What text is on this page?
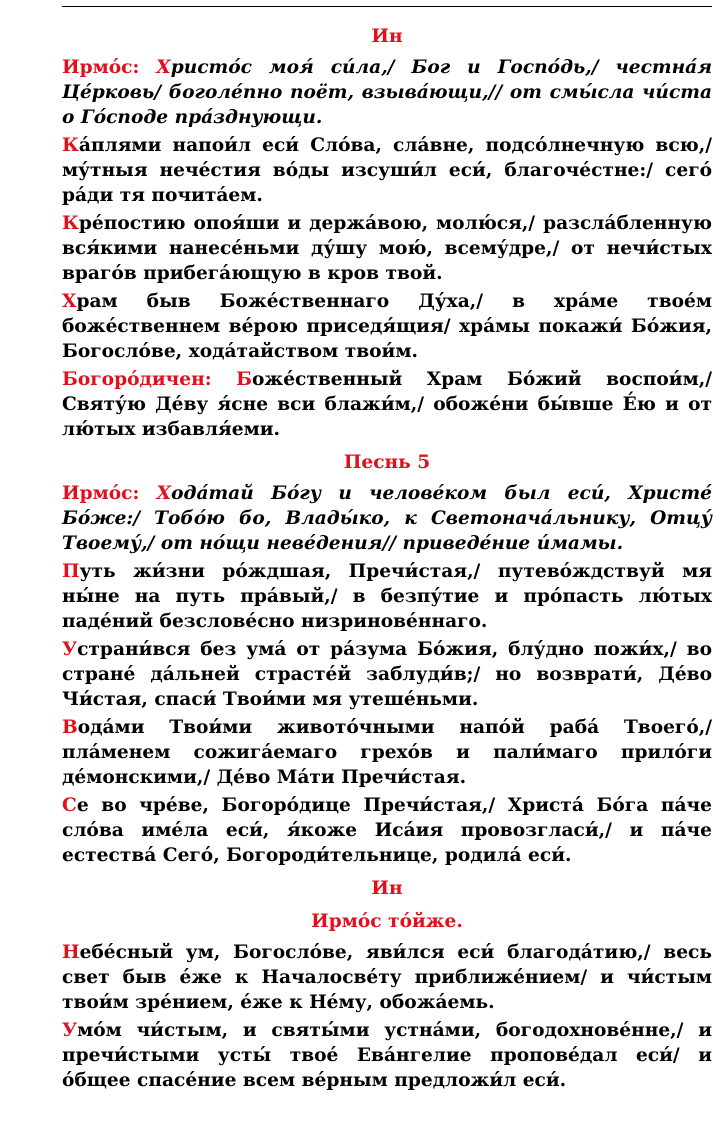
Ин

Ирмо́с: Христо́с моя́ си́ла,/ Бог и Госпо́дь,/ честна́я Це́рковь/ боголе́пно поёт, взыва́ющи,// от смы́сла чи́ста о Го́споде пра́зднующи.

Ка́плями напои́л еси́ Сло́ва, сла́вне, подсо́лнечную всю,/ му́тныя нече́стия во́ды изсуши́л еси́, благоче́стне:/ сего́ ра́ди тя почита́ем.

Кре́постию опоя́ши и держа́вою, молю́ся,/ разсла́бленную вся́кими нанесе́ньми ду́шу мою́, всему́дре,/ от нечи́стых враго́в прибега́ющую в кров твой.

Храм быв Боже́ственнаго Ду́ха,/ в хра́ме твое́м боже́ственнем ве́рою приседя́щия/ хра́мы покажи́ Бо́жия, Богосло́ве, хода́тайством твои́м.

Богоро́дичен: Боже́ственный Храм Бо́жий воспои́м,/ Святу́ю Де́ву я́сне вси блажи́м,/ обоже́ни бы́вше Е́ю и от лю́тых избавля́еми.

Песнь 5

Ирмо́с: Хода́тай Бо́гу и челове́ком был еси́, Христе́ Бо́же:/ Тобо́ю бо, Влады́ко, к Светонача́льнику, Отцу́ Твоему́,/ от но́щи неве́дения// приведе́ние и́мамы.

Путь жи́зни ро́ждшая, Пречи́стая,/ путево́ждствуй мя ны́не на путь пра́вый,/ в безпу́тие и про́пасть лю́тых паде́ний безслове́сно низринове́ннаго.

Устрани́вся без ума́ от ра́зума Бо́жия, блу́дно пожи́х,/ во стране́ да́льней страсте́й заблуди́в;/ но возврати́, Де́во Чи́стая, спаси́ Твои́ми мя утеше́ньми.

Вода́ми Твои́ми живото́чными напо́й раба́ Твоего́,/ пла́менем сожига́емаго грехо́в и пали́маго прило́ги де́монскими,/ Де́во Ма́ти Пречи́стая.

Се во чре́ве, Богоро́дице Пречи́стая,/ Христа́ Бо́га па́че сло́ва име́ла еси́, я́коже Иса́ия провозгласи́,/ и па́че естества́ Сего́, Богороди́тельнице, родила́ еси́.

Ин
Ирмо́с то́йже.

Небе́сный ум, Богосло́ве, яви́лся еси́ благода́тию,/ весь свет быв е́же к Началосве́ту приближе́нием/ и чи́стым твои́м зре́нием, е́же к Не́му, обожа́емь.

Умо́м чи́стым, и святы́ми устна́ми, богодохнове́нне,/ и пречи́стыми усты́ твое́ Ева́нгелие пропове́дал еси́/ и о́бщее спасе́ние всем ве́рным предложи́л еси́.
